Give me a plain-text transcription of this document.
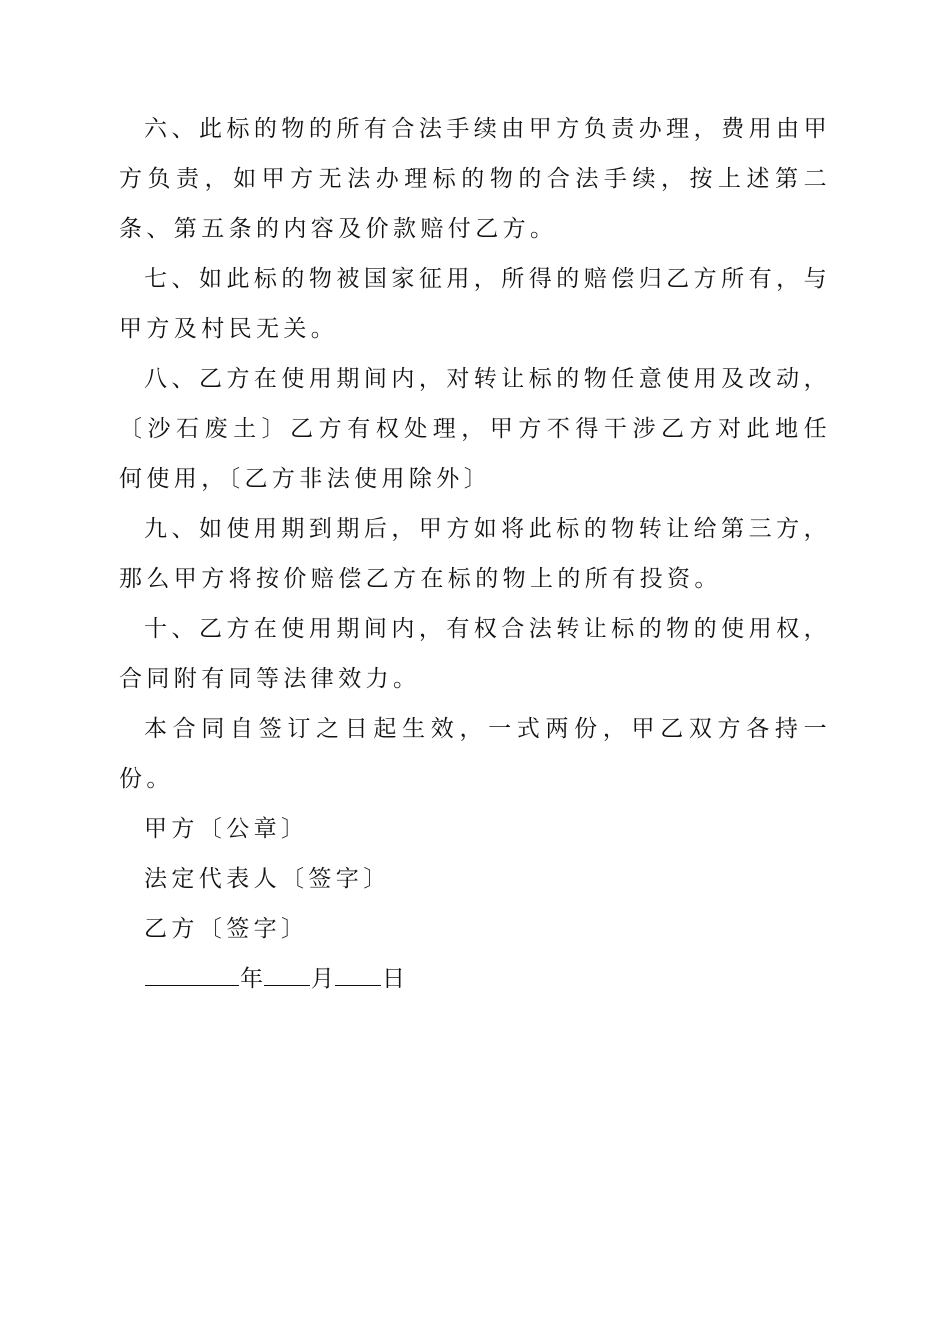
六、此标的物的所有合法手续由甲方负责办理，费用由甲方负责，如甲方无法办理标的物的合法手续，按上述第二条、第五条的内容及价款赔付乙方。

七、如此标的物被国家征用，所得的赔偿归乙方所有，与甲方及村民无关。

八、乙方在使用期间内，对转让标的物任意使用及改动，〔沙石废土〕乙方有权处理，甲方不得干涉乙方对此地任何使用，〔乙方非法使用除外〕

九、如使用期到期后，甲方如将此标的物转让给第三方，那么甲方将按价赔偿乙方在标的物上的所有投资。

十、乙方在使用期间内，有权合法转让标的物的使用权，合同附有同等法律效力。

本合同自签订之日起生效，一式两份，甲乙双方各持一份。

甲方〔公章〕

法定代表人〔签字〕

乙方〔签字〕

年 月 日
